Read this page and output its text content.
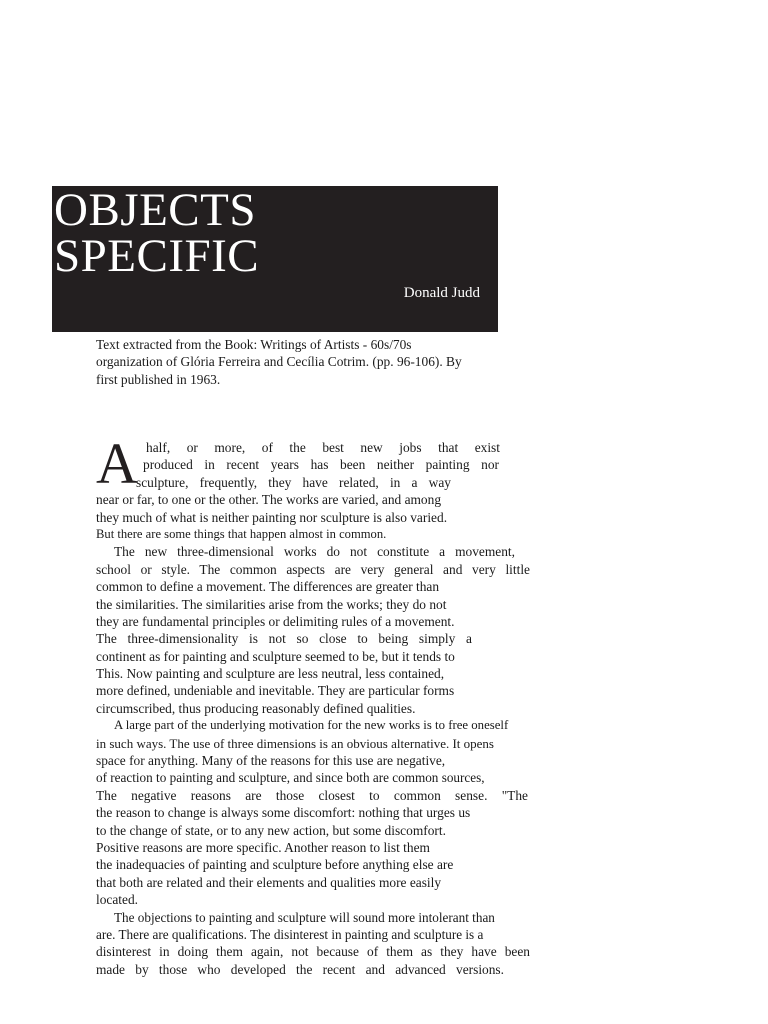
OBJECTS
SPECIFIC
Donald Judd
Text extracted from the Book: Writings of Artists - 60s/70s
organization of Glória Ferreira and Cecília Cotrim. (pp. 96-106). By
first published in 1963.
A half, or more, of the best new jobs that exist
produced in recent years has been neither painting nor
sculpture, frequently, they have related, in a way
near or far, to one or the other. The works are varied, and among
they much of what is neither painting nor sculpture is also varied.
But there are some things that happen almost in common.
The new three-dimensional works do not constitute a movement,
school or style. The common aspects are very general and very little
common to define a movement. The differences are greater than
the similarities. The similarities arise from the works; they do not
they are fundamental principles or delimiting rules of a movement.
The three-dimensionality is not so close to being simply a
continent as for painting and sculpture seemed to be, but it tends to
This. Now painting and sculpture are less neutral, less contained,
more defined, undeniable and inevitable. They are particular forms
circumscribed, thus producing reasonably defined qualities.
A large part of the underlying motivation for the new works is to free oneself
in such ways. The use of three dimensions is an obvious alternative. It opens
space for anything. Many of the reasons for this use are negative,
of reaction to painting and sculpture, and since both are common sources,
The negative reasons are those closest to common sense. "The
the reason to change is always some discomfort: nothing that urges us
to the change of state, or to any new action, but some discomfort.
Positive reasons are more specific. Another reason to list them
the inadequacies of painting and sculpture before anything else are
that both are related and their elements and qualities more easily
located.
The objections to painting and sculpture will sound more intolerant than
are. There are qualifications. The disinterest in painting and sculpture is a
disinterest in doing them again, not because of them as they have been
made by those who developed the recent and advanced versions.
